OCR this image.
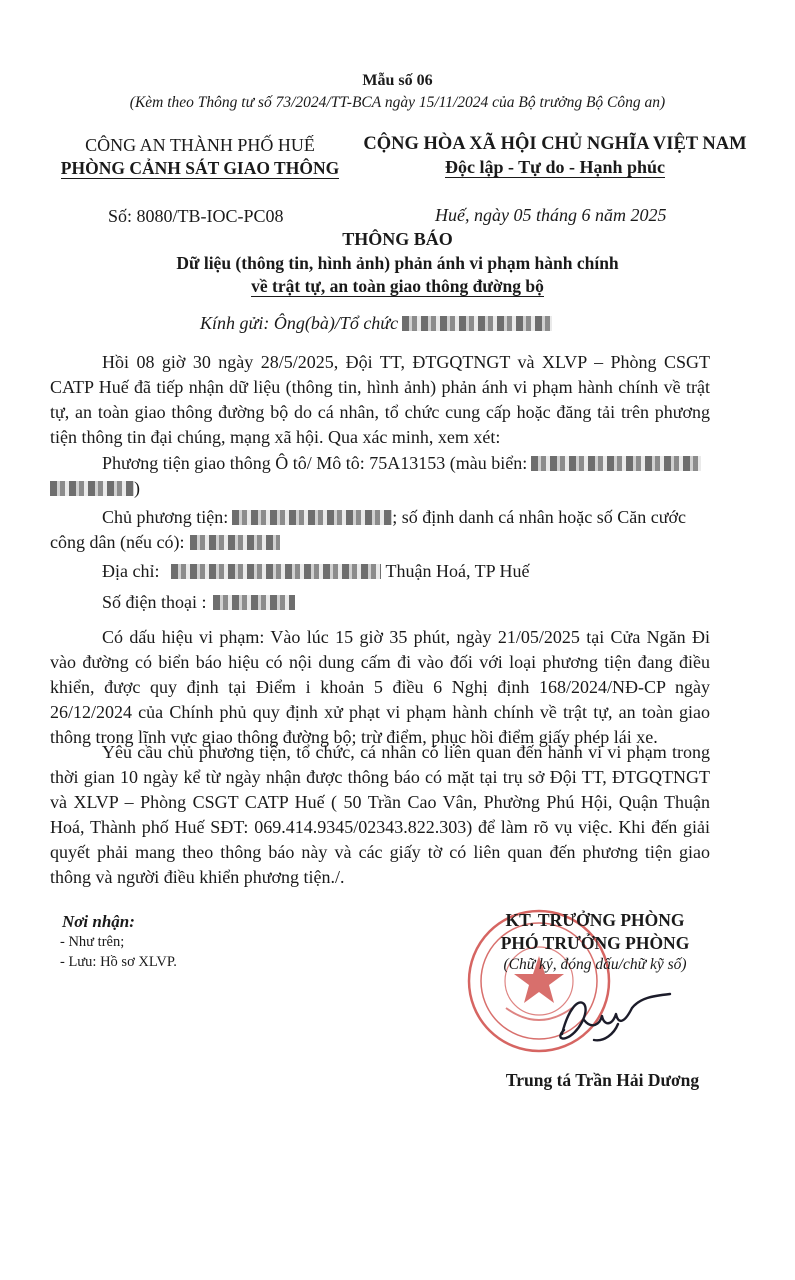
Mẫu số 06
(Kèm theo Thông tư số 73/2024/TT-BCA ngày 15/11/2024 của Bộ trưởng Bộ Công an)
CÔNG AN THÀNH PHỐ HUẾ
PHÒNG CẢNH SÁT GIAO THÔNG
CỘNG HÒA XÃ HỘI CHỦ NGHĨA VIỆT NAM
Độc lập - Tự do - Hạnh phúc
Số: 8080/TB-IOC-PC08	Huế, ngày 05 tháng 6 năm 2025
THÔNG BÁO
Dữ liệu (thông tin, hình ảnh) phản ánh vi phạm hành chính
về trật tự, an toàn giao thông đường bộ
Kính gửi: Ông(bà)/Tổ chức
Hồi 08 giờ 30 ngày 28/5/2025, Đội TT, ĐTGQTNGT và XLVP – Phòng CSGT CATP Huế đã tiếp nhận dữ liệu (thông tin, hình ảnh) phản ánh vi phạm hành chính về trật tự, an toàn giao thông đường bộ do cá nhân, tổ chức cung cấp hoặc đăng tải trên phương tiện thông tin đại chúng, mạng xã hội. Qua xác minh, xem xét:
Phương tiện giao thông Ô tô/ Mô tô: 75A13153 (màu biển:
)
Chủ phương tiện:	; số định danh cá nhân hoặc số Căn cước
công dân (nếu có):
Địa chỉ:	Thuận Hoá, TP Huế
Số điện thoại :
Có dấu hiệu vi phạm: Vào lúc 15 giờ 35 phút, ngày 21/05/2025 tại Cửa Ngăn Đi vào đường có biển báo hiệu có nội dung cấm đi vào đối với loại phương tiện đang điều khiển, được quy định tại Điểm i khoản 5 điều 6 Nghị định 168/2024/NĐ-CP ngày 26/12/2024 của Chính phủ quy định xử phạt vi phạm hành chính về trật tự, an toàn giao thông trong lĩnh vực giao thông đường bộ; trừ điểm, phục hồi điểm giấy phép lái xe.
Yêu cầu chủ phương tiện, tổ chức, cá nhân có liên quan đến hành vi vi phạm trong thời gian 10 ngày kể từ ngày nhận được thông báo có mặt tại trụ sở Đội TT, ĐTGQTNGT và XLVP – Phòng CSGT CATP Huế ( 50 Trần Cao Vân, Phường Phú Hội, Quận Thuận Hoá, Thành phố Huế SĐT: 069.414.9345/02343.822.303) để làm rõ vụ việc. Khi đến giải quyết phải mang theo thông báo này và các giấy tờ có liên quan đến phương tiện giao thông và người điều khiển phương tiện./.
Nơi nhận:
- Như trên;
- Lưu: Hồ sơ XLVP.
KT. TRƯỞNG PHÒNG
PHÓ TRƯỞNG PHÒNG
(Chữ ký, đóng dấu/chữ kỹ số)
Trung tá Trần Hải Dương
